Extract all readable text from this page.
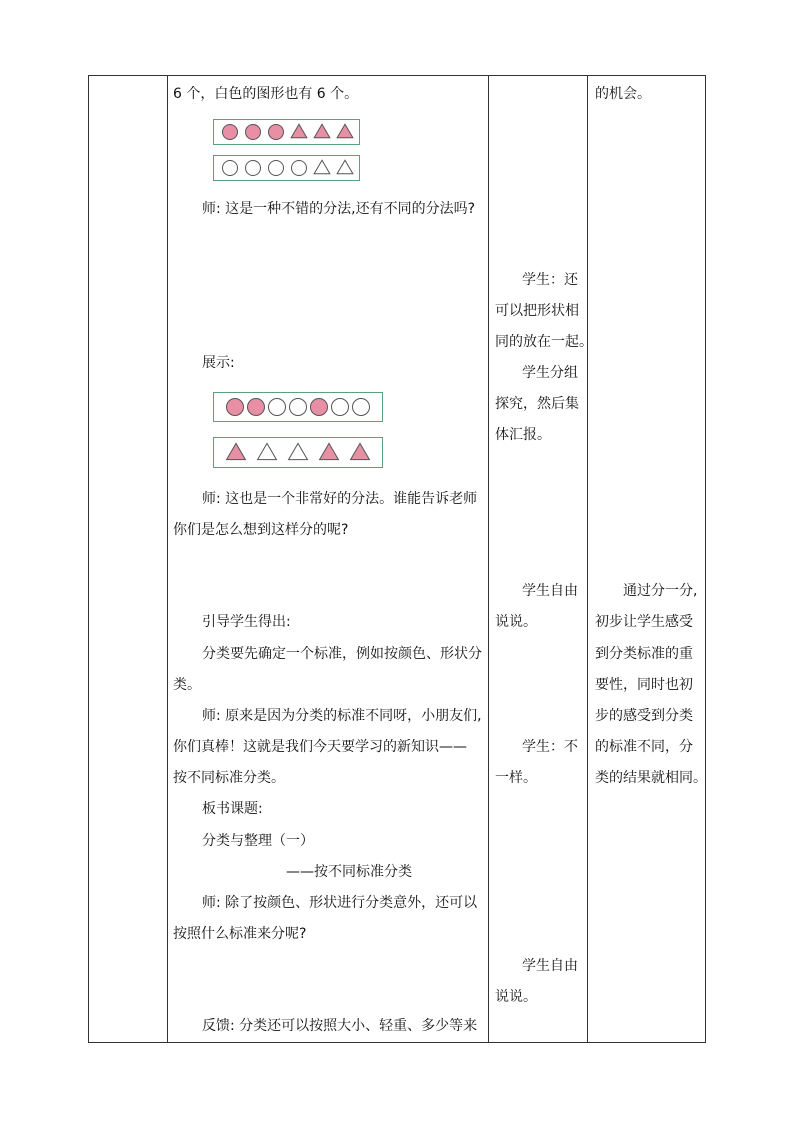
6 个，白色的图形也有 6 个。
师: 这是一种不错的分法,还有不同的分法吗?
展示:
师: 这也是一个非常好的分法。谁能告诉老师
你们是怎么想到这样分的呢?
引导学生得出:
分类要先确定一个标准，例如按颜色、形状分
类。
师: 原来是因为分类的标准不同呀，小朋友们,
你们真棒！这就是我们今天要学习的新知识——
按不同标准分类。
板书课题:
分类与整理（一）
——按不同标准分类
师: 除了按颜色、形状进行分类意外，还可以
按照什么标准来分呢?
反馈: 分类还可以按照大小、轻重、多少等来
学生：还
可以把形状相
同的放在一起。
学生分组
探究，然后集
体汇报。
学生自由
说说。
学生：不
一样。
学生自由
说说。
的机会。
通过分一分,
初步让学生感受
到分类标准的重
要性，同时也初
步的感受到分类
的标准不同，分
类的结果就相同。
